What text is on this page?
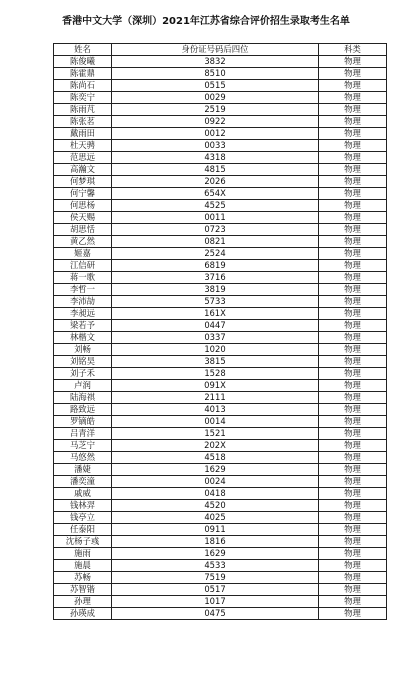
香港中文大学（深圳）2021年江苏省综合评价招生录取考生名单
姓名	身份证号码后四位	科类
陈俊曦	3832	物理
陈霍鼎	8510	物理
陈尚石	0515	物理
陈奕宁	0029	物理
陈雨芃	2519	物理
陈张茗	0922	物理
戴雨田	0012	物理
杜天骋	0033	物理
范思远	4318	物理
高瀚文	4815	物理
何梦琪	2026	物理
何宁馨	654X	物理
何思杨	4525	物理
侯天赐	0011	物理
胡思恬	0723	物理
黄乙然	0821	物理
姬嘉	2524	物理
江信研	6819	物理
蒋一歌	3716	物理
李哲一	3819	物理
李沛劼	5733	物理
李昶远	161X	物理
梁若予	0447	物理
林楷文	0337	物理
刘畅	1020	物理
刘铭昊	3815	物理
刘子禾	1528	物理
卢润	091X	物理
陆海祺	2111	物理
路致远	4013	物理
罗镝皓	0014	物理
吕青洋	1521	物理
马芝宁	202X	物理
马悠然	4518	物理
潘婕	1629	物理
潘奕潼	0024	物理
戚威	0418	物理
钱林羿	4520	物理
钱亭立	4025	物理
任泰阳	0911	物理
沈杨子彧	1816	物理
施雨	1629	物理
施晨	4533	物理
苏畅	7519	物理
苏智锴	0517	物理
孙理	1017	物理
孙瑛成	0475	物理
